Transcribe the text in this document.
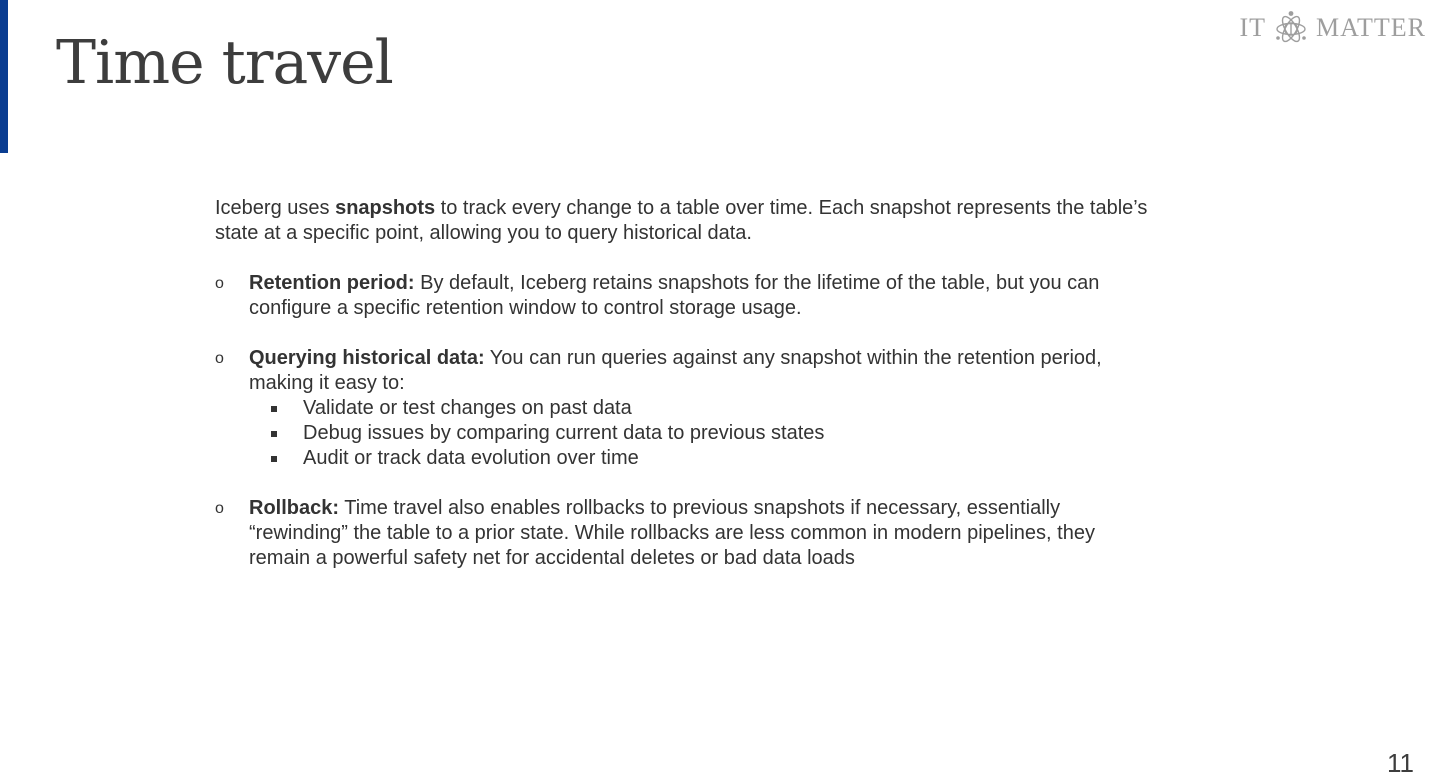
Time travel
IT MATTER

Iceberg uses snapshots to track every change to a table over time. Each snapshot represents the table’s state at a specific point, allowing you to query historical data.

o Retention period: By default, Iceberg retains snapshots for the lifetime of the table, but you can configure a specific retention window to control storage usage.
o Querying historical data: You can run queries against any snapshot within the retention period, making it easy to:
Validate or test changes on past data
Debug issues by comparing current data to previous states
Audit or track data evolution over time
o Rollback: Time travel also enables rollbacks to previous snapshots if necessary, essentially “rewinding” the table to a prior state. While rollbacks are less common in modern pipelines, they remain a powerful safety net for accidental deletes or bad data loads
11
